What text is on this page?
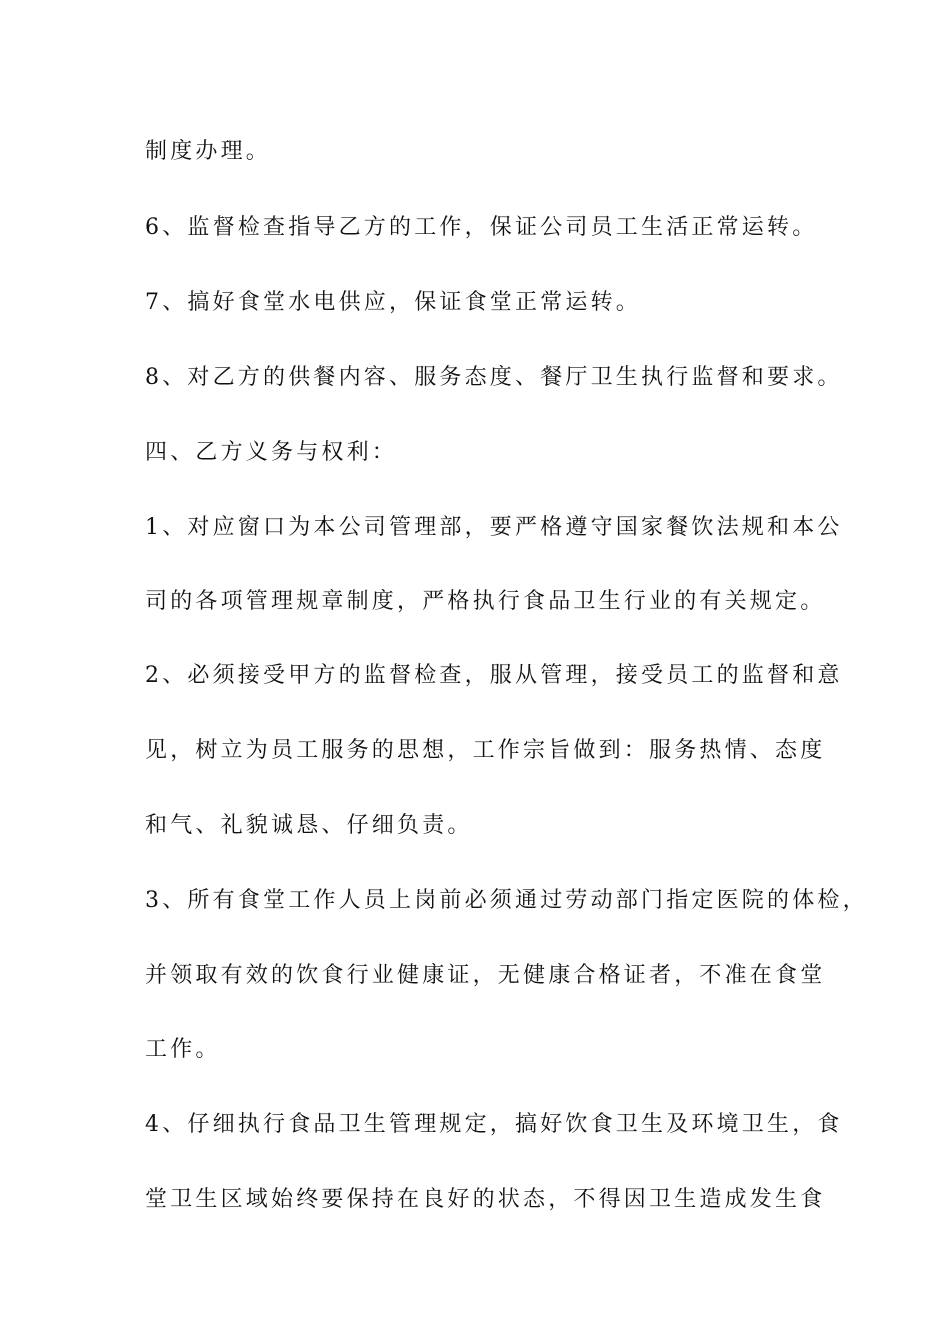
制度办理。
6、监督检查指导乙方的工作，保证公司员工生活正常运转。
7、搞好食堂水电供应，保证食堂正常运转。
8、对乙方的供餐内容、服务态度、餐厅卫生执行监督和要求。
四、乙方义务与权利：
1、对应窗口为本公司管理部，要严格遵守国家餐饮法规和本公
司的各项管理规章制度，严格执行食品卫生行业的有关规定。
2、必须接受甲方的监督检查，服从管理，接受员工的监督和意
见，树立为员工服务的思想，工作宗旨做到：服务热情、态度
和气、礼貌诚恳、仔细负责。
3、所有食堂工作人员上岗前必须通过劳动部门指定医院的体检，
并领取有效的饮食行业健康证，无健康合格证者，不准在食堂
工作。
4、仔细执行食品卫生管理规定，搞好饮食卫生及环境卫生，食
堂卫生区域始终要保持在良好的状态，不得因卫生造成发生食
